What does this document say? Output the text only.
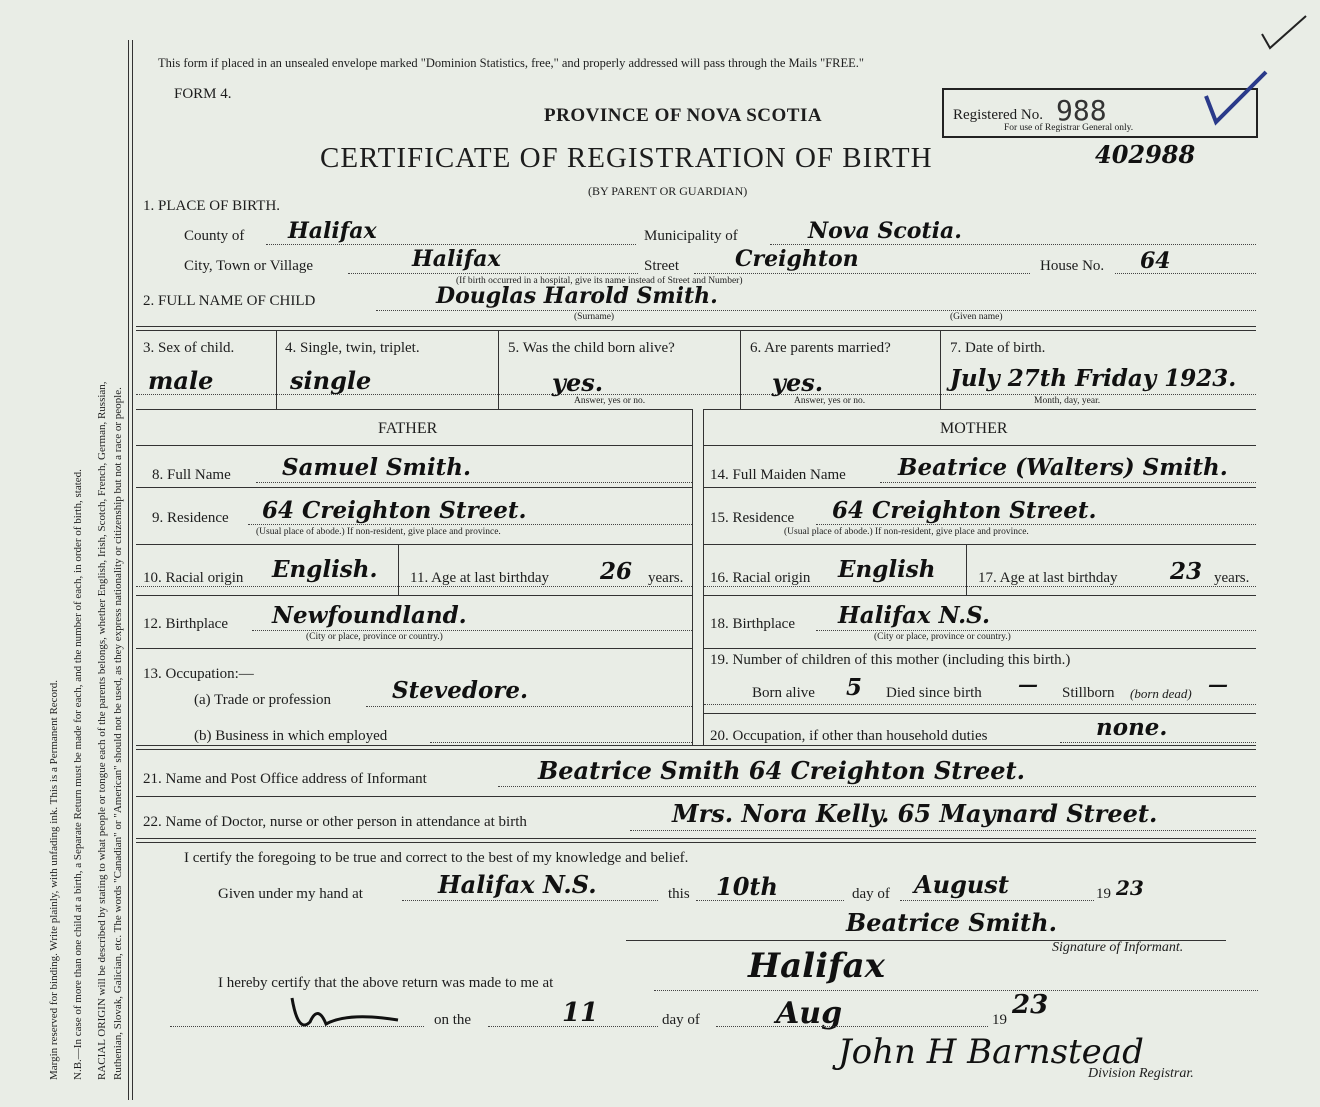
Margin reserved for binding. Write plainly, with unfading ink. This is a Permanent Record. N.B.—In case of more than one child at a birth, a Separate Return must be made for each, and the number of each, in order of birth, stated. RACIAL ORIGIN will be described by stating to what people or tongue each of the parents belongs, whether English, Irish, Scotch, French, German, Russian, Ruthenian, Slovak, Galician, etc. The words "Canadian" or "American" should not be used, as they express nationality or citizenship but not a race or people.
This form if placed in an unsealed envelope marked "Dominion Statistics, free," and properly addressed will pass through the Mails "FREE."
FORM 4.
PROVINCE OF NOVA SCOTIA
CERTIFICATE OF REGISTRATION OF BIRTH
(BY PARENT OR GUARDIAN)
402988
Registered No. 988
For use of Registrar General only.
1. PLACE OF BIRTH.
County of Halifax	Municipality of	Nova Scotia.
City, Town or Village	Halifax	Street	Creighton	House No. 64
(If birth occurred in a hospital, give its name instead of Street and Number)
2. FULL NAME OF CHILD	Douglas Harold Smith.
(Surname)	(Given name)
3. Sex of child.
male
4. Single, twin, triplet.
single
5. Was the child born alive?
yes.
Answer, yes or no.
6. Are parents married?
yes.
Answer, yes or no.
7. Date of birth.
July 27th Friday 1923.
Month, day, year.
FATHER	MOTHER
8. Full Name Samuel Smith.
9. Residence 64 Creighton Street.
(Usual place of abode.) If non-resident, give place and province.
10. Racial origin English. 11. Age at last birthday 26 years.
12. Birthplace Newfoundland.
(City or place, province or country.)
13. Occupation:—
(a) Trade or profession	Stevedore.
(b) Business in which employed
14. Full Maiden Name Beatrice (Walters) Smith.
15. Residence 64 Creighton Street.
(Usual place of abode.) If non-resident, give place and province.
16. Racial origin English	17. Age at last birthday 23 years.
18. Birthplace Halifax N.S.
(City or place, province or country.)
19. Number of children of this mother (including this birth.)
Born alive 5 Died since birth — Stillborn (born dead) —
20. Occupation, if other than household duties	none.
21. Name and Post Office address of Informant	Beatrice Smith 64 Creighton Street.
22. Name of Doctor, nurse or other person in attendance at birth	Mrs. Nora Kelly. 65 Maynard Street.
I certify the foregoing to be true and correct to the best of my knowledge and belief.
Given under my hand at	Halifax N.S.	this 10th	day of August	19 23
Beatrice Smith.
Signature of Informant.
I hereby certify that the above return was made to me at	Halifax
on the	11	day of	Aug	19 23
John H Barnstead
Division Registrar.
